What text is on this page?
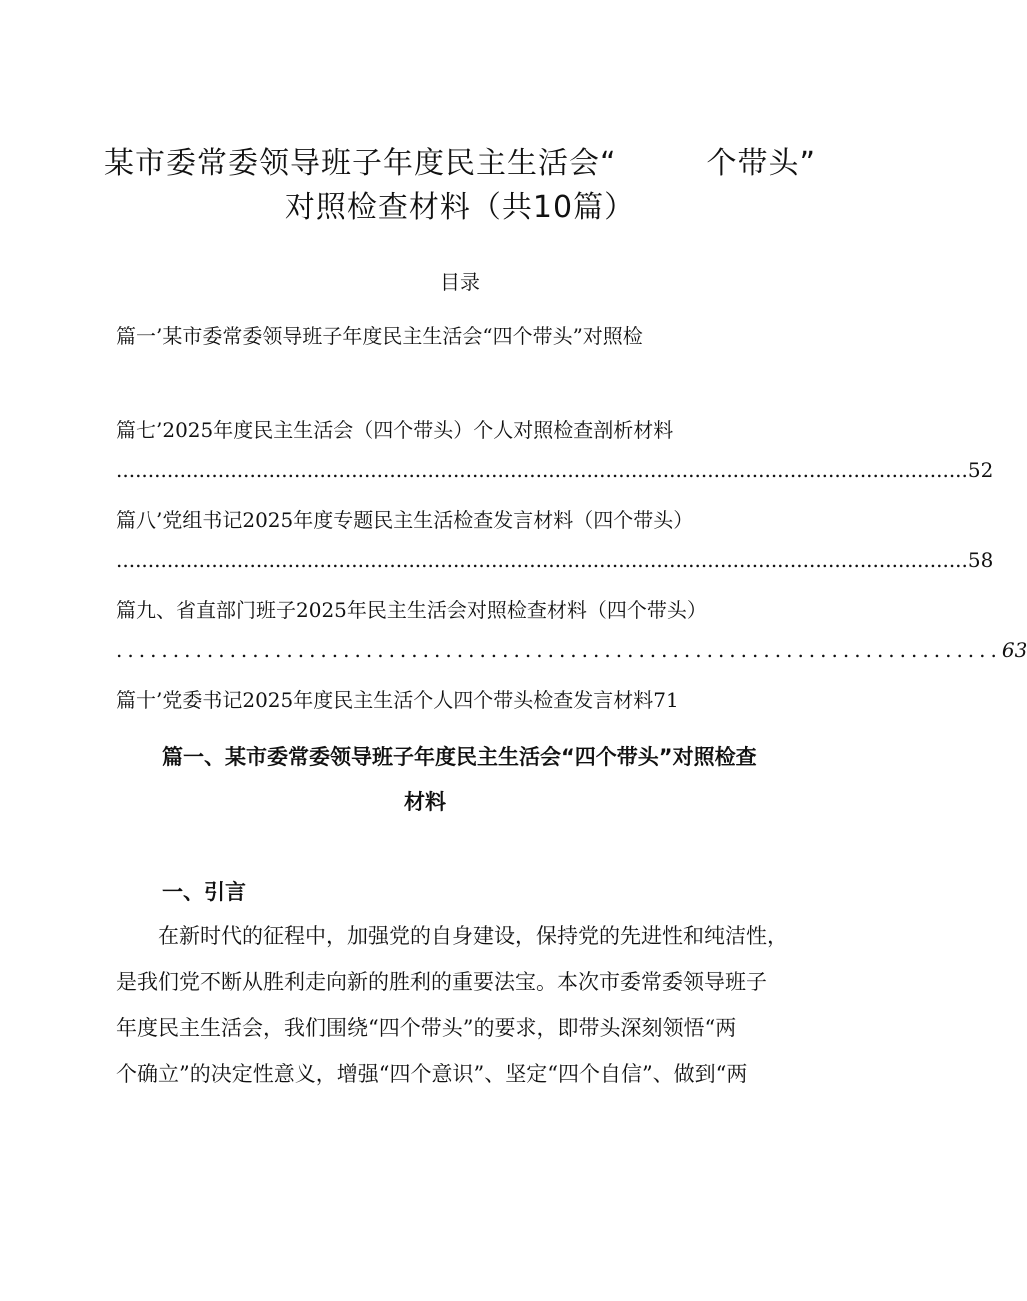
某市委常委领导班子年度民主生活会“	个带头”
对照检查材料（共10篇）
目录
篇一’某市委常委领导班子年度民主生活会“四个带头”对照检
篇七’2025年度民主生活会（四个带头）个人对照检查剖析材料
...................................................................................................................................... 52
篇八’党组书记2025年度专题民主生活检查发言材料（四个带头）
...................................................................................................................................... 58
篇九、省直部门班子2025年民主生活会对照检查材料（四个带头）
.............................................................................. 63
篇十’党委书记2025年度民主生活个人四个带头检查发言材料71
篇一、某市委常委领导班子年度民主生活会“四个带头”对照检查
材料
一、引言
　　在新时代的征程中，加强党的自身建设，保持党的先进性和纯洁性，
是我们党不断从胜利走向新的胜利的重要法宝。本次市委常委领导班子
年度民主生活会，我们围绕“四个带头”的要求，即带头深刻领悟“两
个确立”的决定性意义，增强“四个意识”、坚定“四个自信”、做到“两
